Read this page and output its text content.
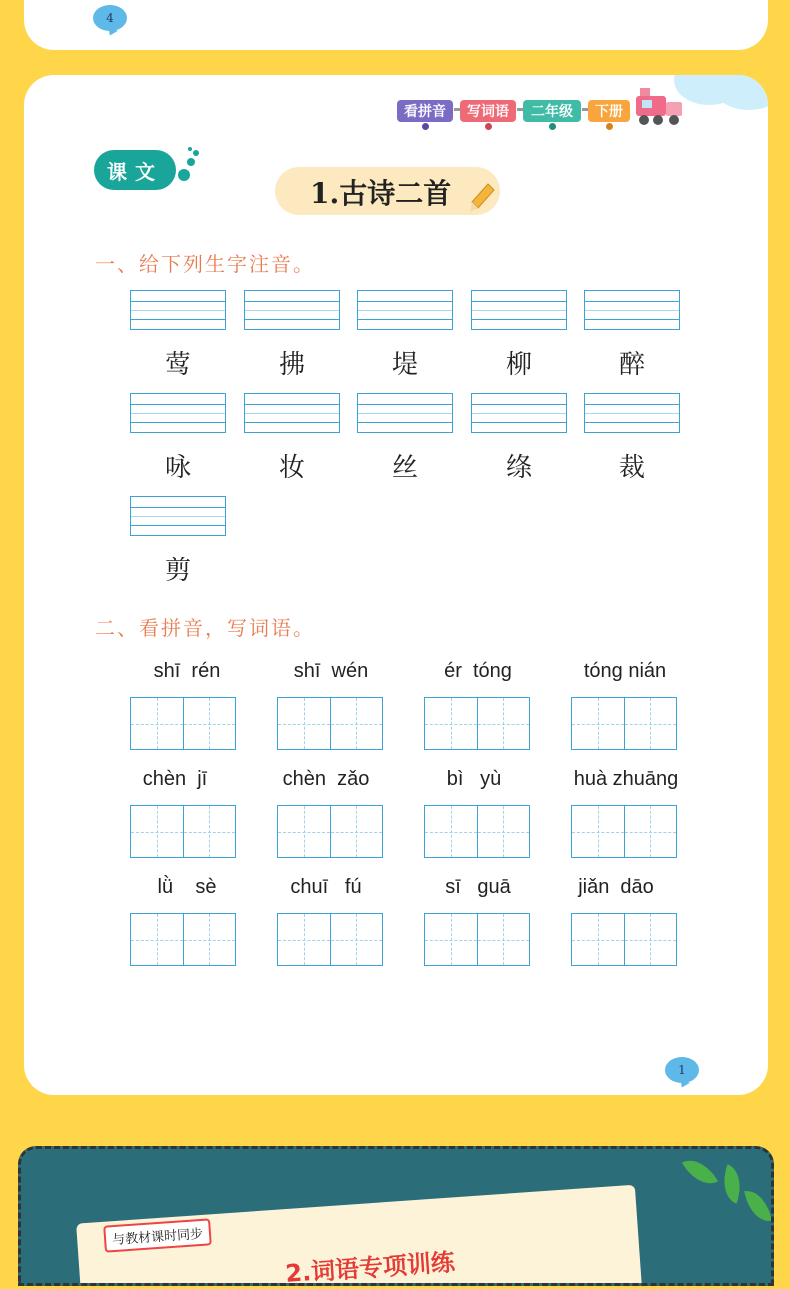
4
看拼音 写词语 二年级 下册
课文
1.古诗二首
一、给下列生字注音。
莺	拂	堤	柳	醉
咏	妆	丝	绦	裁
剪
二、看拼音，写词语。
shī  rén	shī  wén	ér  tóng	tóng nián
chèn  jī	chèn  zǎo	bì   yù	huà zhuāng
lǜ    sè	chuī   fú	sī   guā	jiǎn  dāo
1
与教材课时同步
2.词语专项训练
